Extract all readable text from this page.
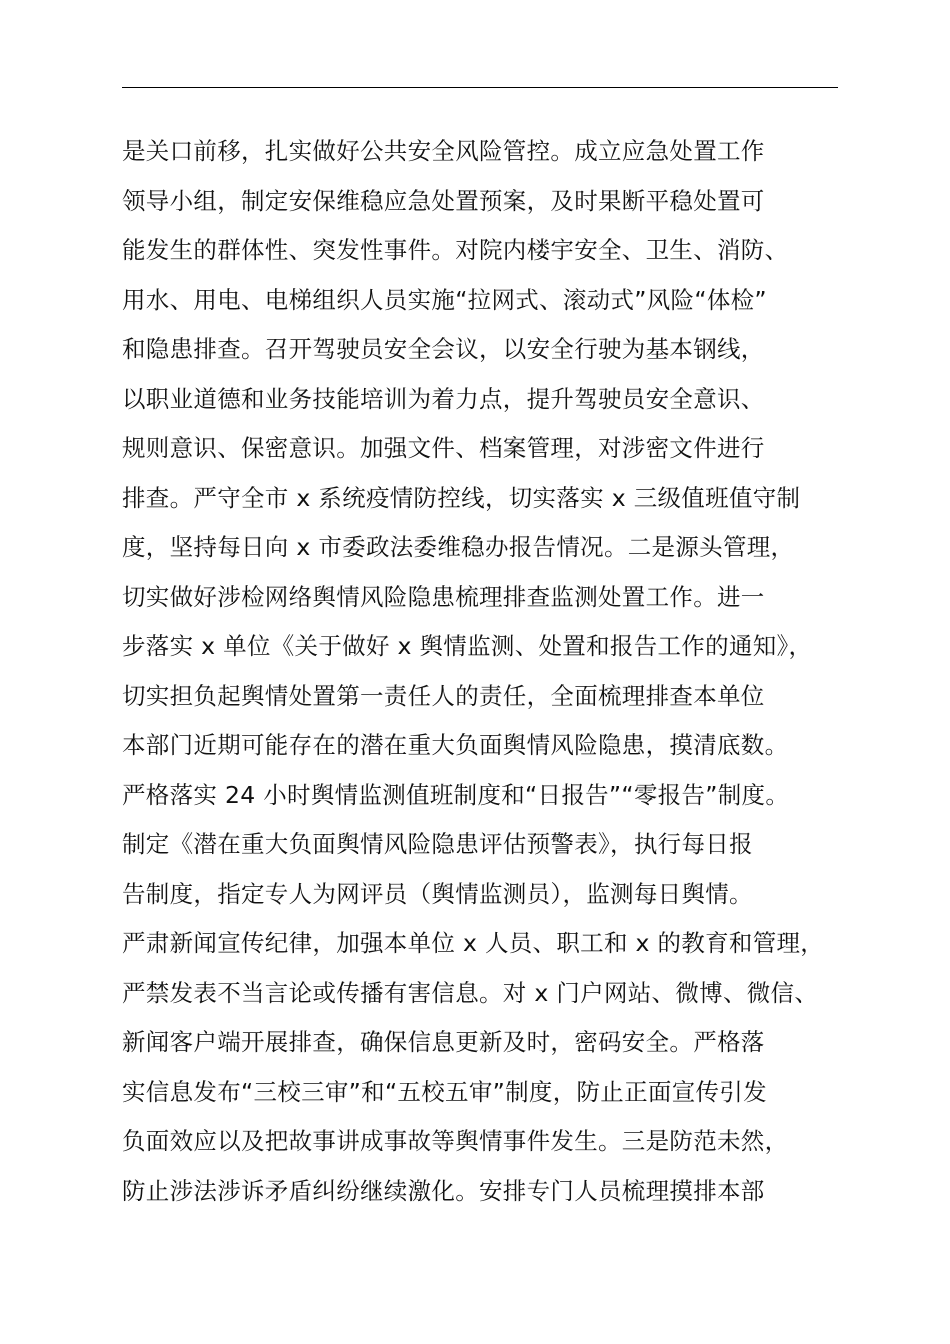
是关口前移，扎实做好公共安全风险管控。成立应急处置工作
领导小组，制定安保维稳应急处置预案，及时果断平稳处置可
能发生的群体性、突发性事件。对院内楼宇安全、卫生、消防、
用水、用电、电梯组织人员实施“拉网式、滚动式”风险“体检”
和隐患排查。召开驾驶员安全会议，以安全行驶为基本钢线，
以职业道德和业务技能培训为着力点，提升驾驶员安全意识、
规则意识、保密意识。加强文件、档案管理，对涉密文件进行
排查。严守全市 x 系统疫情防控线，切实落实 x 三级值班值守制
度，坚持每日向 x 市委政法委维稳办报告情况。二是源头管理，
切实做好涉检网络舆情风险隐患梳理排查监测处置工作。进一
步落实 x 单位《关于做好 x 舆情监测、处置和报告工作的通知》，
切实担负起舆情处置第一责任人的责任，全面梳理排查本单位
本部门近期可能存在的潜在重大负面舆情风险隐患，摸清底数。
严格落实 24 小时舆情监测值班制度和“日报告”“零报告”制度。
制定《潜在重大负面舆情风险隐患评估预警表》，执行每日报
告制度，指定专人为网评员（舆情监测员），监测每日舆情。
严肃新闻宣传纪律，加强本单位 x 人员、职工和 x 的教育和管理，
严禁发表不当言论或传播有害信息。对 x 门户网站、微博、微信、
新闻客户端开展排查，确保信息更新及时，密码安全。严格落
实信息发布“三校三审”和“五校五审”制度，防止正面宣传引发
负面效应以及把故事讲成事故等舆情事件发生。三是防范未然，
防止涉法涉诉矛盾纠纷继续激化。安排专门人员梳理摸排本部
